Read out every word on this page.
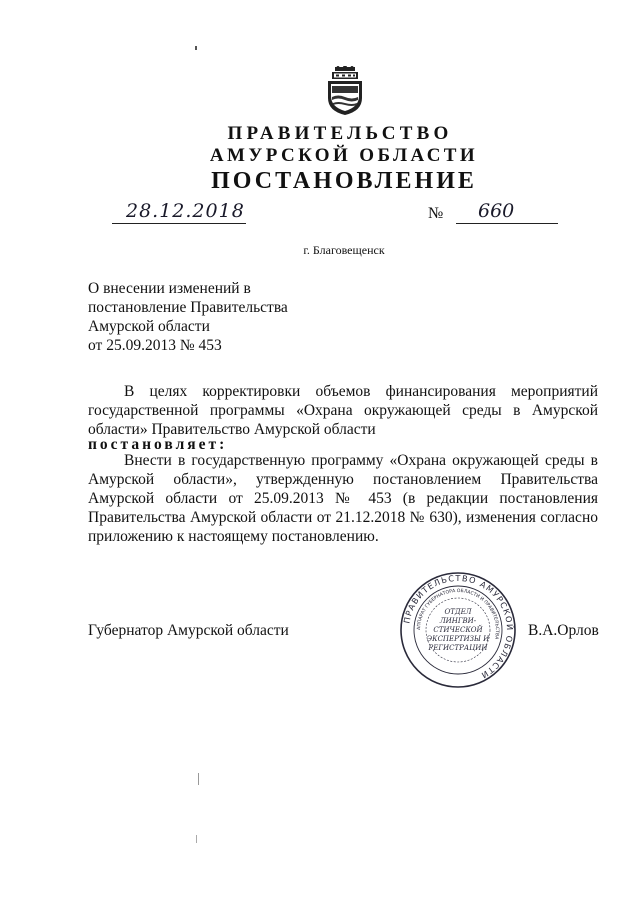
ПРАВИТЕЛЬСТВО
АМУРСКОЙ ОБЛАСТИ
ПОСТАНОВЛЕНИЕ
28.12.2018	№ 660
г. Благовещенск
О внесении изменений в
постановление Правительства
Амурской области
от 25.09.2013 № 453
В целях корректировки объемов финансирования мероприятий государственной программы «Охрана окружающей среды в Амурской области» Правительство Амурской области
постановляет:
Внести в государственную программу «Охрана окружающей среды в Амурской области», утвержденную постановлением Правительства Амурской области от 25.09.2013 № 453 (в редакции постановления Правительства Амурской области от 21.12.2018 № 630), изменения согласно приложению к настоящему постановлению.
Губернатор Амурской области
ПРАВИТЕЛЬСТВО АМУРСКОЙ ОБЛАСТИ
АППАРАТ ГУБЕРНАТОРА ОБЛАСТИ И ПРАВИТЕЛЬСТВА
ОТДЕЛ
ЛИНГВИ-
СТИЧЕСКОЙ
ЭКСПЕРТИЗЫ И
РЕГИСТРАЦИИ
В.А.Орлов
